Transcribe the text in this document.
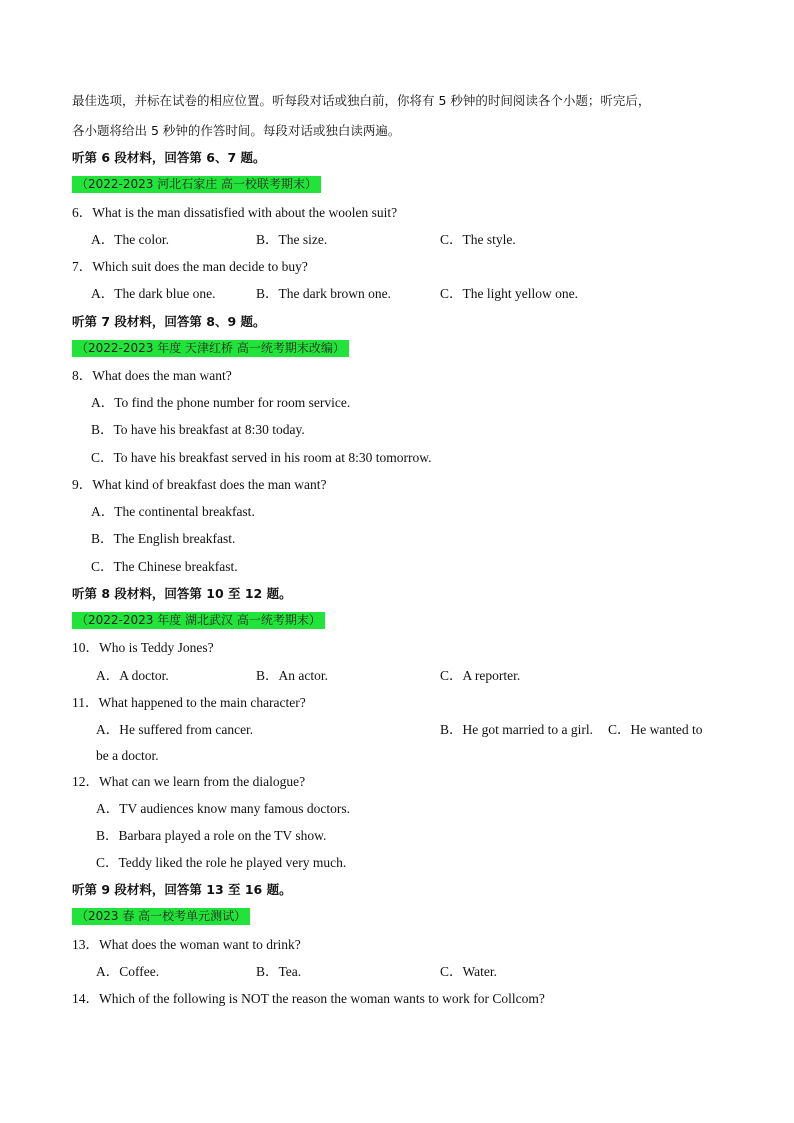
最佳选项，并标在试卷的相应位置。听每段对话或独白前，你将有 5 秒钟的时间阅读各个小题；听完后，
各小题将给出 5 秒钟的作答时间。每段对话或独白读两遍。
听第 6 段材料，回答第 6、7 题。
（2022-2023 河北石家庄 高一校联考期末）
6．What is the man dissatisfied with about the woolen suit?
A．The color.	B．The size.	C．The style.
7．Which suit does the man decide to buy?
A．The dark blue one.	B．The dark brown one.	C．The light yellow one.
听第 7 段材料，回答第 8、9 题。
（2022-2023 年度 天津红桥 高一统考期末改编）
8．What does the man want?
A．To find the phone number for room service.
B．To have his breakfast at 8:30 today.
C．To have his breakfast served in his room at 8:30 tomorrow.
9．What kind of breakfast does the man want?
A．The continental breakfast.
B．The English breakfast.
C．The Chinese breakfast.
听第 8 段材料，回答第 10 至 12 题。
（2022-2023 年度 湖北武汉 高一统考期末）
10．Who is Teddy Jones?
A．A doctor.	B．An actor.	C．A reporter.
11．What happened to the main character?
A．He suffered from cancer.	B．He got married to a girl. C．He wanted to
be a doctor.
12．What can we learn from the dialogue?
A．TV audiences know many famous doctors.
B．Barbara played a role on the TV show.
C．Teddy liked the role he played very much.
听第 9 段材料，回答第 13 至 16 题。
（2023 春 高一校考单元测试）
13．What does the woman want to drink?
A．Coffee.	B．Tea.	C．Water.
14．Which of the following is NOT the reason the woman wants to work for Collcom?
